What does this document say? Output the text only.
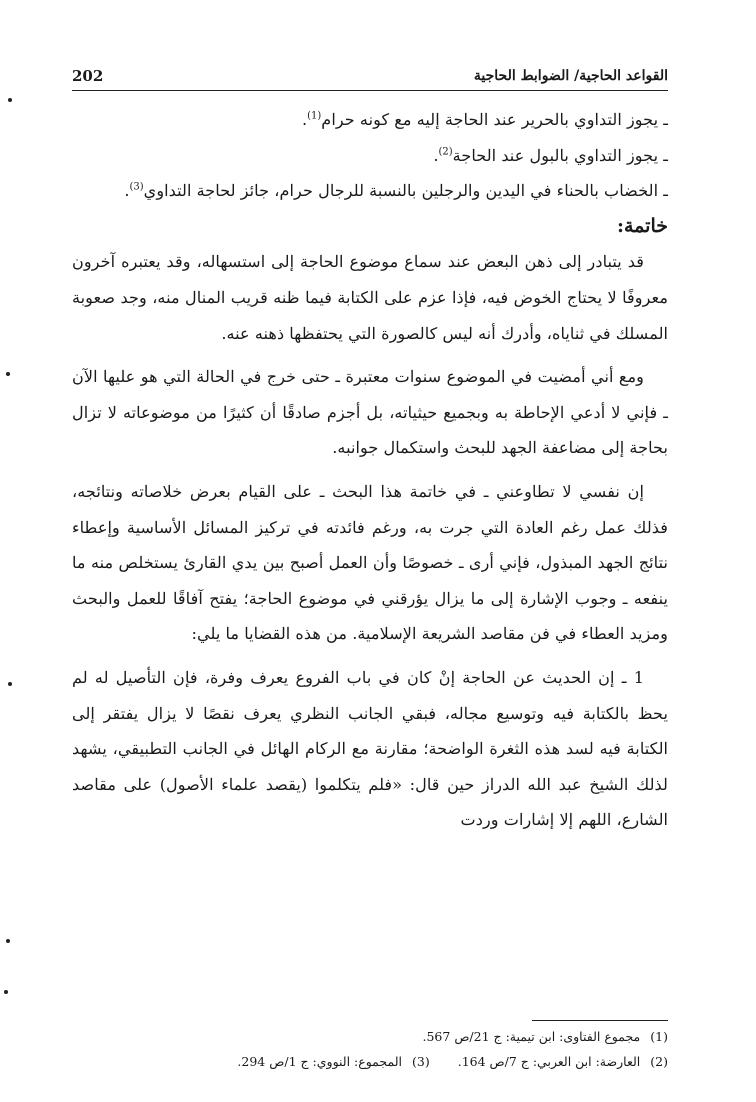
202	القواعد الحاجية/ الضوابط الحاجية

ـ يجوز التداوي بالحرير عند الحاجة إليه مع كونه حرام$^{(1)}$.

ـ يجوز التداوي بالبول عند الحاجة$^{(2)}$.

ـ الخضاب بالحناء في اليدين والرجلين بالنسبة للرجال حرام، جائز لحاجة التداوي$^{(3)}$.

خاتمة:

قد يتبادر إلى ذهن البعض عند سماع موضوع الحاجة إلى استسهاله، وقد يعتبره آخرون معروفًا لا يحتاج الخوض فيه، فإذا عزم على الكتابة فيما ظنه قريب المنال منه، وجد صعوبة المسلك في ثناياه، وأدرك أنه ليس كالصورة التي يحتفظها ذهنه عنه.

ومع أني أمضيت في الموضوع سنوات معتبرة ـ حتى خرج في الحالة التي هو عليها الآن ـ فإني لا أدعي الإحاطة به وبجميع حيثياته، بل أجزم صادقًا أن كثيرًا من موضوعاته لا تزال بحاجة إلى مضاعفة الجهد للبحث واستكمال جوانبه.

إن نفسي لا تطاوعني ـ في خاتمة هذا البحث ـ على القيام بعرض خلاصاته ونتائجه، فذلك عمل رغم العادة التي جرت به، ورغم فائدته في تركيز المسائل الأساسية وإعطاء نتائج الجهد المبذول، فإني أرى ـ خصوصًا وأن العمل أصبح بين يدي القارئ يستخلص منه ما ينفعه ـ وجوب الإشارة إلى ما يزال يؤرقني في موضوع الحاجة؛ يفتح آفاقًا للعمل والبحث ومزيد العطاء في فن مقاصد الشريعة الإسلامية. من هذه القضايا ما يلي:

1 ـ إن الحديث عن الحاجة إنْ كان في باب الفروع يعرف وفرة، فإن التأصيل له لم يحظ بالكتابة فيه وتوسيع مجاله، فبقي الجانب النظري يعرف نقصًا لا يزال يفتقر إلى الكتابة فيه لسد هذه الثغرة الواضحة؛ مقارنة مع الركام الهائل في الجانب التطبيقي، يشهد لذلك الشيخ عبد الله الدراز حين قال: «فلم يتكلموا (يقصد علماء الأصول) على مقاصد الشارع، اللهم إلا إشارات وردت

(1)مجموع الفتاوى: ابن تيمية: ج 21/ص 567.
(2)العارضة: ابن العربي: ج 7/ص 164.(3)المجموع: النووي: ج 1/ص 294.
